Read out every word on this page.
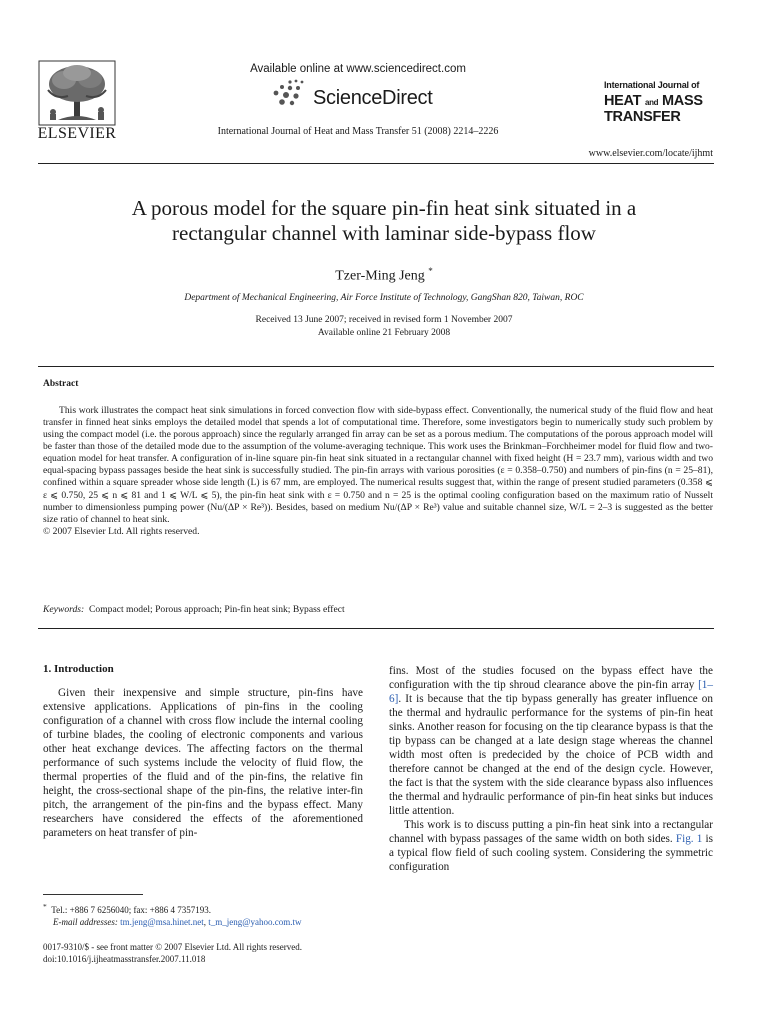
ELSEVIER
Available online at www.sciencedirect.com
ScienceDirect
International Journal of Heat and Mass Transfer 51 (2008) 2214–2226
International Journal of
HEAT and MASS
TRANSFER
www.elsevier.com/locate/ijhmt
A porous model for the square pin-fin heat sink situated in a
rectangular channel with laminar side-bypass flow
Tzer-Ming Jeng *
Department of Mechanical Engineering, Air Force Institute of Technology, GangShan 820, Taiwan, ROC
Received 13 June 2007; received in revised form 1 November 2007
Available online 21 February 2008
Abstract

This work illustrates the compact heat sink simulations in forced convection flow with side-bypass effect. Conventionally, the numerical study of the fluid flow and heat transfer in finned heat sinks employs the detailed model that spends a lot of computational time. Therefore, some investigators begin to numerically study such problem by using the compact model (i.e. the porous approach) since the regularly arranged fin array can be set as a porous medium. The computations of the porous approach model will be faster than those of the detailed mode due to the assumption of the volume-averaging technique. This work uses the Brinkman–Forchheimer model for fluid flow and two-equation model for heat transfer. A configuration of in-line square pin-fin heat sink situated in a rectangular channel with fixed height (H = 23.7 mm), various width and two equal-spacing bypass passages beside the heat sink is successfully studied. The pin-fin arrays with various porosities (ε = 0.358–0.750) and numbers of pin-fins (n = 25–81), confined within a square spreader whose side length (L) is 67 mm, are employed. The numerical results suggest that, within the range of present studied parameters (0.358 ⩽ ε ⩽ 0.750, 25 ⩽ n ⩽ 81 and 1 ⩽ W/L ⩽ 5), the pin-fin heat sink with ε = 0.750 and n = 25 is the optimal cooling configuration based on the maximum ratio of Nusselt number to dimensionless pumping power (Nu/(ΔP × Re³)). Besides, based on medium Nu/(ΔP × Re³) value and suitable channel size, W/L = 2–3 is suggested as the better size ratio of channel to heat sink.

© 2007 Elsevier Ltd. All rights reserved.

Keywords: Compact model; Porous approach; Pin-fin heat sink; Bypass effect
1. Introduction

Given their inexpensive and simple structure, pin-fins have extensive applications. Applications of pin-fins in the cooling configuration of a channel with cross flow include the internal cooling of turbine blades, the cooling of electronic components and various other heat exchange devices. The affecting factors on the thermal performance of such systems include the velocity of fluid flow, the thermal properties of the fluid and of the pin-fins, the relative fin height, the cross-sectional shape of the pin-fins, the relative inter-fin pitch, the arrangement of the pin-fins and the bypass effect. Many researchers have considered the effects of the aforementioned parameters on heat transfer of pin-

fins. Most of the studies focused on the bypass effect have the configuration with the tip shroud clearance above the pin-fin array [1–6]. It is because that the tip bypass generally has greater influence on the thermal and hydraulic performance for the systems of pin-fin heat sinks. Another reason for focusing on the tip clearance bypass is that the tip bypass can be changed at a late design stage whereas the channel width most often is predecided by the choice of PCB width and therefore cannot be changed at the end of the design cycle. However, the fact is that the system with the side clearance bypass also influences the thermal and hydraulic performance of pin-fin heat sinks but induces little attention.

This work is to discuss putting a pin-fin heat sink into a rectangular channel with bypass passages of the same width on both sides. Fig. 1 is a typical flow field of such cooling system. Considering the symmetric configuration

* Tel.: +886 7 6256040; fax: +886 4 7357193.
E-mail addresses: tm.jeng@msa.hinet.net, t_m_jeng@yahoo.com.tw
0017-9310/$ - see front matter © 2007 Elsevier Ltd. All rights reserved.
doi:10.1016/j.ijheatmasstransfer.2007.11.018
